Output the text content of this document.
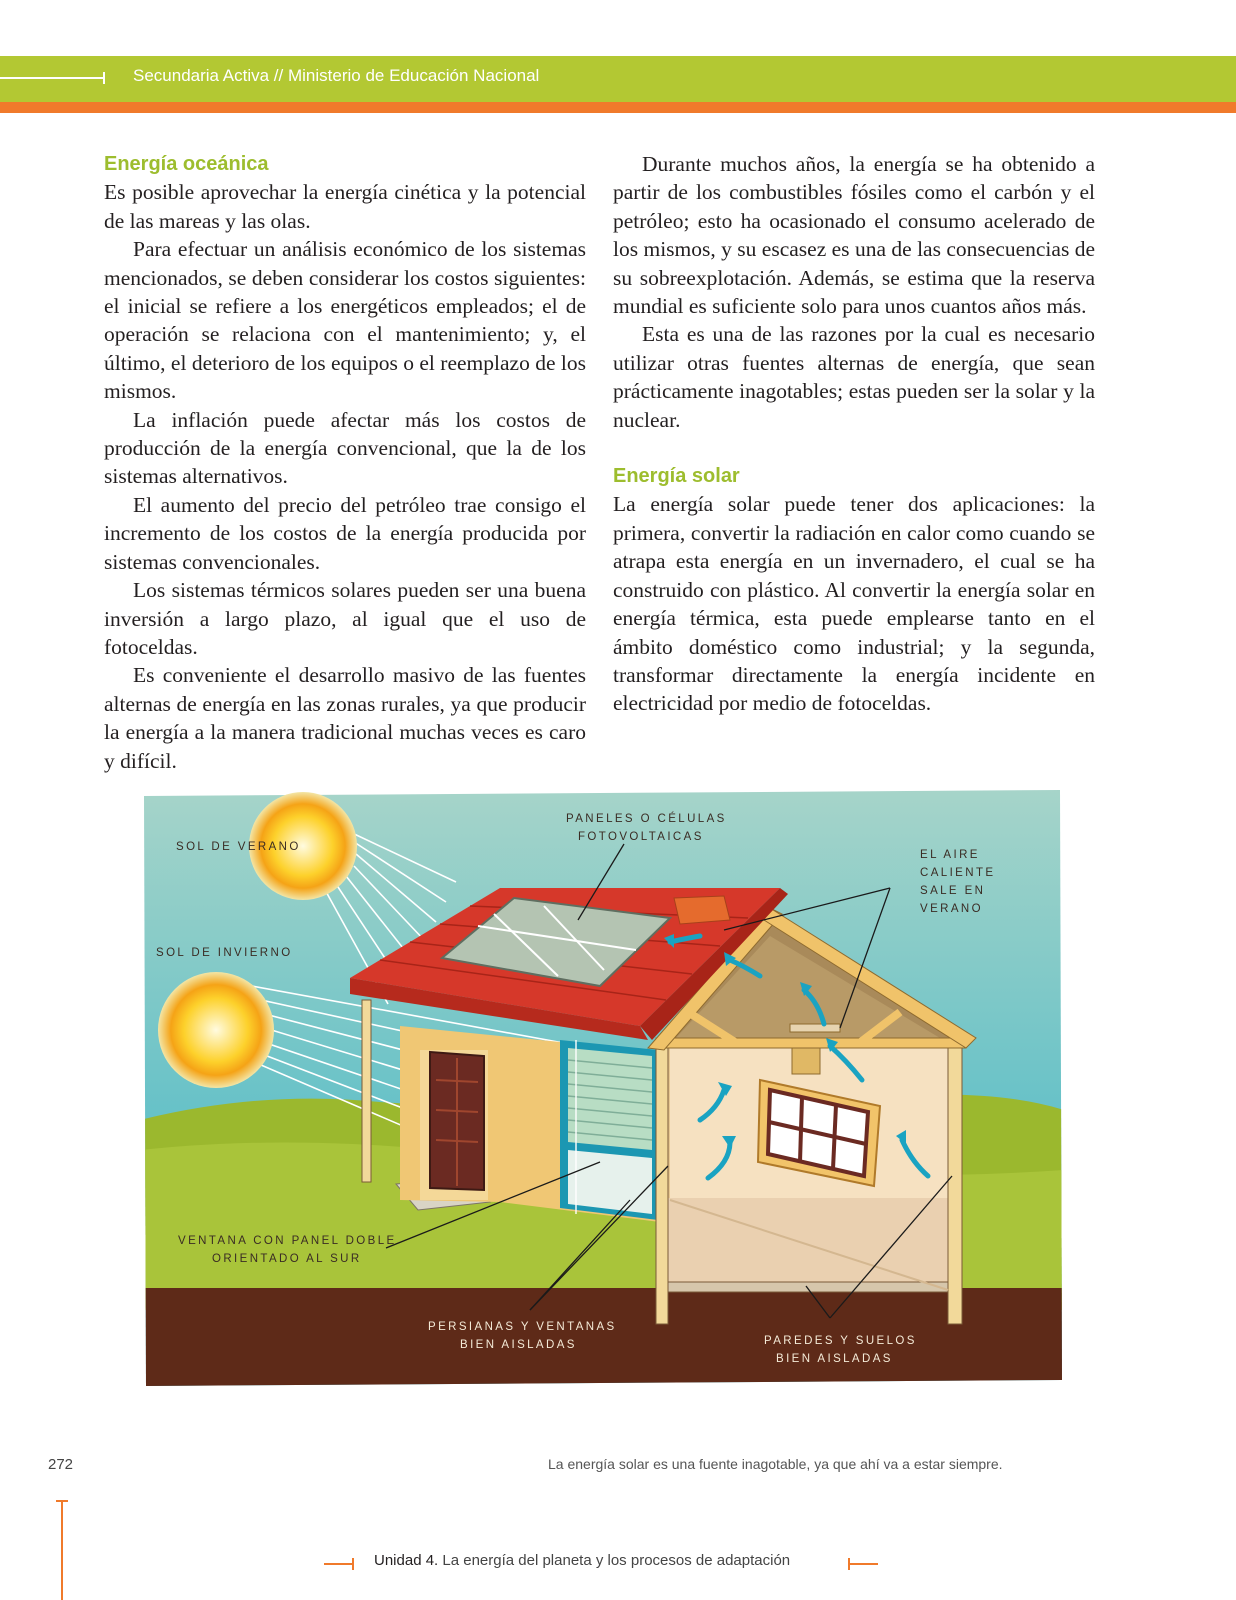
Secundaria Activa // Ministerio de Educación Nacional
Energía oceánica

Es posible aprovechar la energía cinética y la potencial de las mareas y las olas.

Para efectuar un análisis económico de los sistemas mencionados, se deben considerar los costos siguientes: el inicial se refiere a los energéticos empleados; el de operación se relaciona con el mantenimiento; y, el último, el deterioro de los equipos o el reemplazo de los mismos.

La inflación puede afectar más los costos de producción de la energía convencional, que la de los sistemas alternativos.

El aumento del precio del petróleo trae consigo el incremento de los costos de la energía producida por sistemas convencionales.

Los sistemas térmicos solares pueden ser una buena inversión a largo plazo, al igual que el uso de fotoceldas.

Es conveniente el desarrollo masivo de las fuentes alternas de energía en las zonas rurales, ya que producir la energía a la manera tradicional muchas veces es caro y difícil.

Durante muchos años, la energía se ha obtenido a partir de los combustibles fósiles como el carbón y el petróleo; esto ha ocasionado el consumo acelerado de los mismos, y su escasez es una de las consecuencias de su sobreexplotación. Además, se estima que la reserva mundial es suficiente solo para unos cuantos años más.

Esta es una de las razones por la cual es necesario utilizar otras fuentes alternas de energía, que sean prácticamente inagotables; estas pueden ser la solar y la nuclear.

Energía solar

La energía solar puede tener dos aplicaciones: la primera, convertir la radiación en calor como cuando se atrapa esta energía en un invernadero, el cual se ha construido con plástico. Al convertir la energía solar en energía térmica, esta puede emplearse tanto en el ámbito doméstico como industrial; y la segunda, transformar directamente la energía incidente en electricidad por medio de fotoceldas.

SOL DE VERANO
SOL DE INVIERNO
PANELES O CÉLULAS
FOTOVOLTAICAS
EL AIRE
CALIENTE
SALE EN
VERANO
VENTANA CON PANEL DOBLE
ORIENTADO AL SUR
PERSIANAS Y VENTANAS
BIEN AISLADAS	PAREDES Y SUELOS
BIEN AISLADAS
272	La energía solar es una fuente inagotable, ya que ahí va a estar siempre.
Unidad 4. La energía del planeta y los procesos de adaptación
